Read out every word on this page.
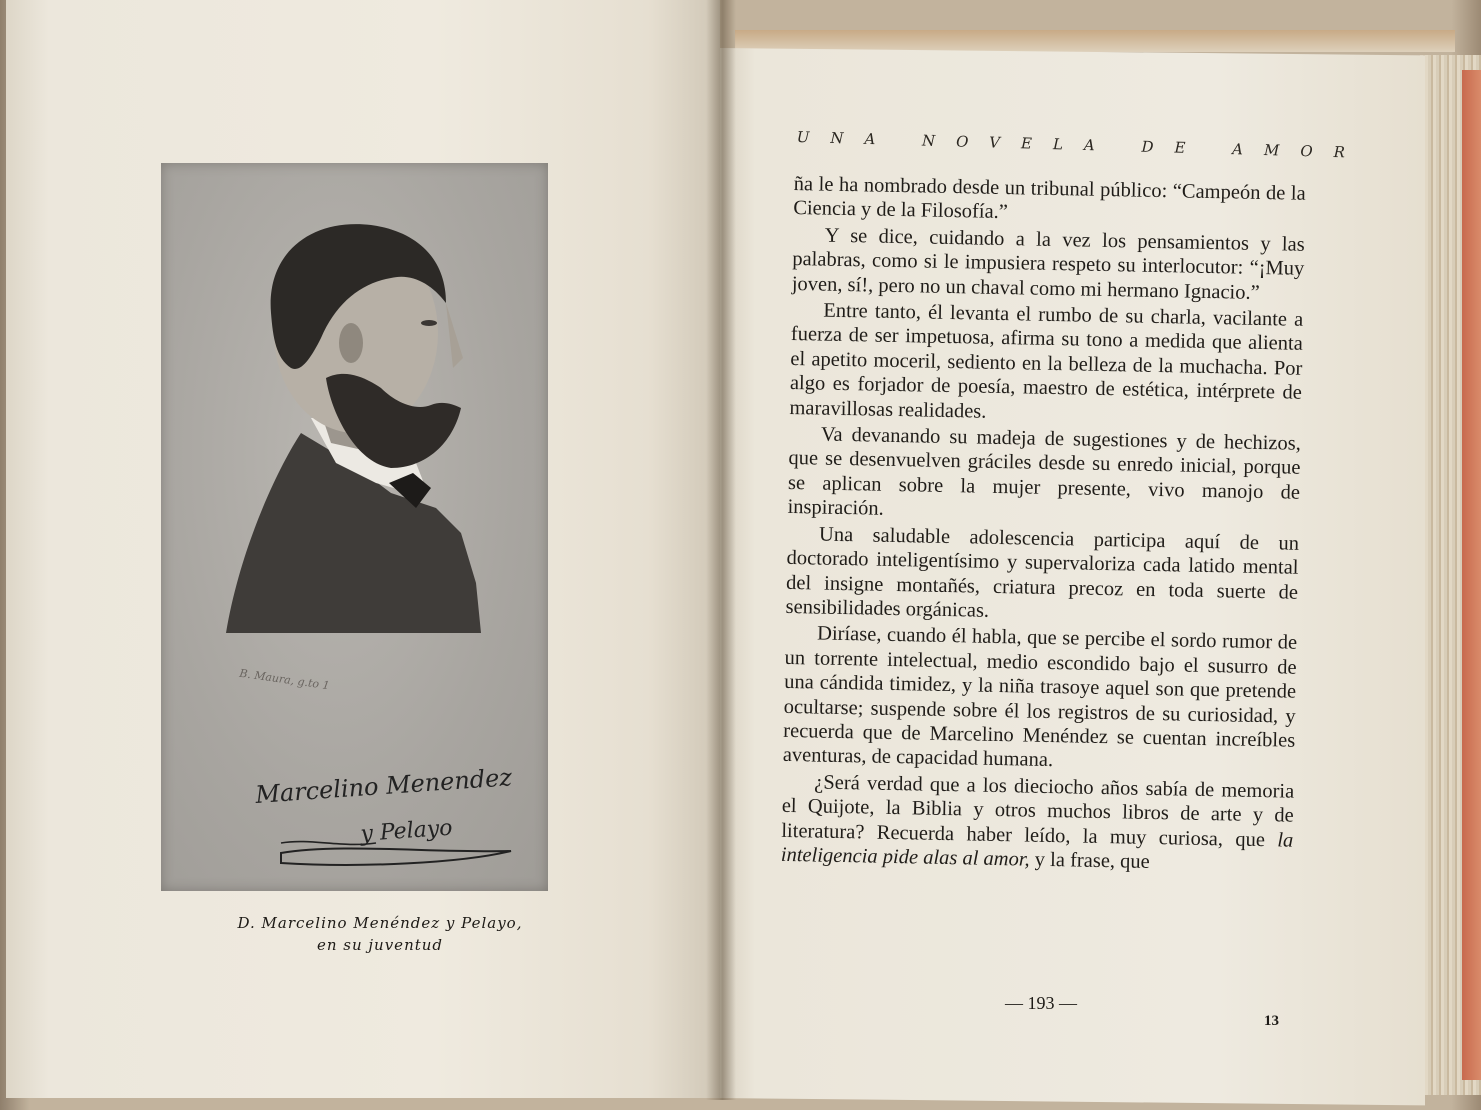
Marcelino Menendez
y Pelayo
B. Maura, g.to 1
D. Marcelino Menéndez y Pelayo,
en su juventud
UNA NOVELA DE AMOR

ña le ha nombrado desde un tribunal público: “Campeón de la Ciencia y de la Filosofía.”

Y se dice, cuidando a la vez los pensamientos y las palabras, como si le impusiera respeto su interlocutor: “¡Muy joven, sí!, pero no un chaval como mi hermano Ignacio.”

Entre tanto, él levanta el rumbo de su charla, vacilante a fuerza de ser impetuosa, afirma su tono a medida que alienta el apetito moceril, sediento en la belleza de la muchacha. Por algo es forjador de poesía, maestro de estética, intérprete de maravillosas realidades.

Va devanando su madeja de sugestiones y de hechizos, que se desenvuelven gráciles desde su enredo inicial, porque se aplican sobre la mujer presente, vivo manojo de inspiración.

Una saludable adolescencia participa aquí de un doctorado inteligentísimo y supervaloriza cada latido mental del insigne montañés, criatura precoz en toda suerte de sensibilidades orgánicas.

Diríase, cuando él habla, que se percibe el sordo rumor de un torrente intelectual, medio escondido bajo el susurro de una cándida timidez, y la niña trasoye aquel son que pretende ocultarse; suspende sobre él los registros de su curiosidad, y recuerda que de Marcelino Menéndez se cuentan increíbles aventuras, de capacidad humana.

¿Será verdad que a los dieciocho años sabía de memoria el Quijote, la Biblia y otros muchos libros de arte y de literatura? Recuerda haber leído, la muy curiosa, que la inteligencia pide alas al amor, y la frase, que

— 193 —
13
